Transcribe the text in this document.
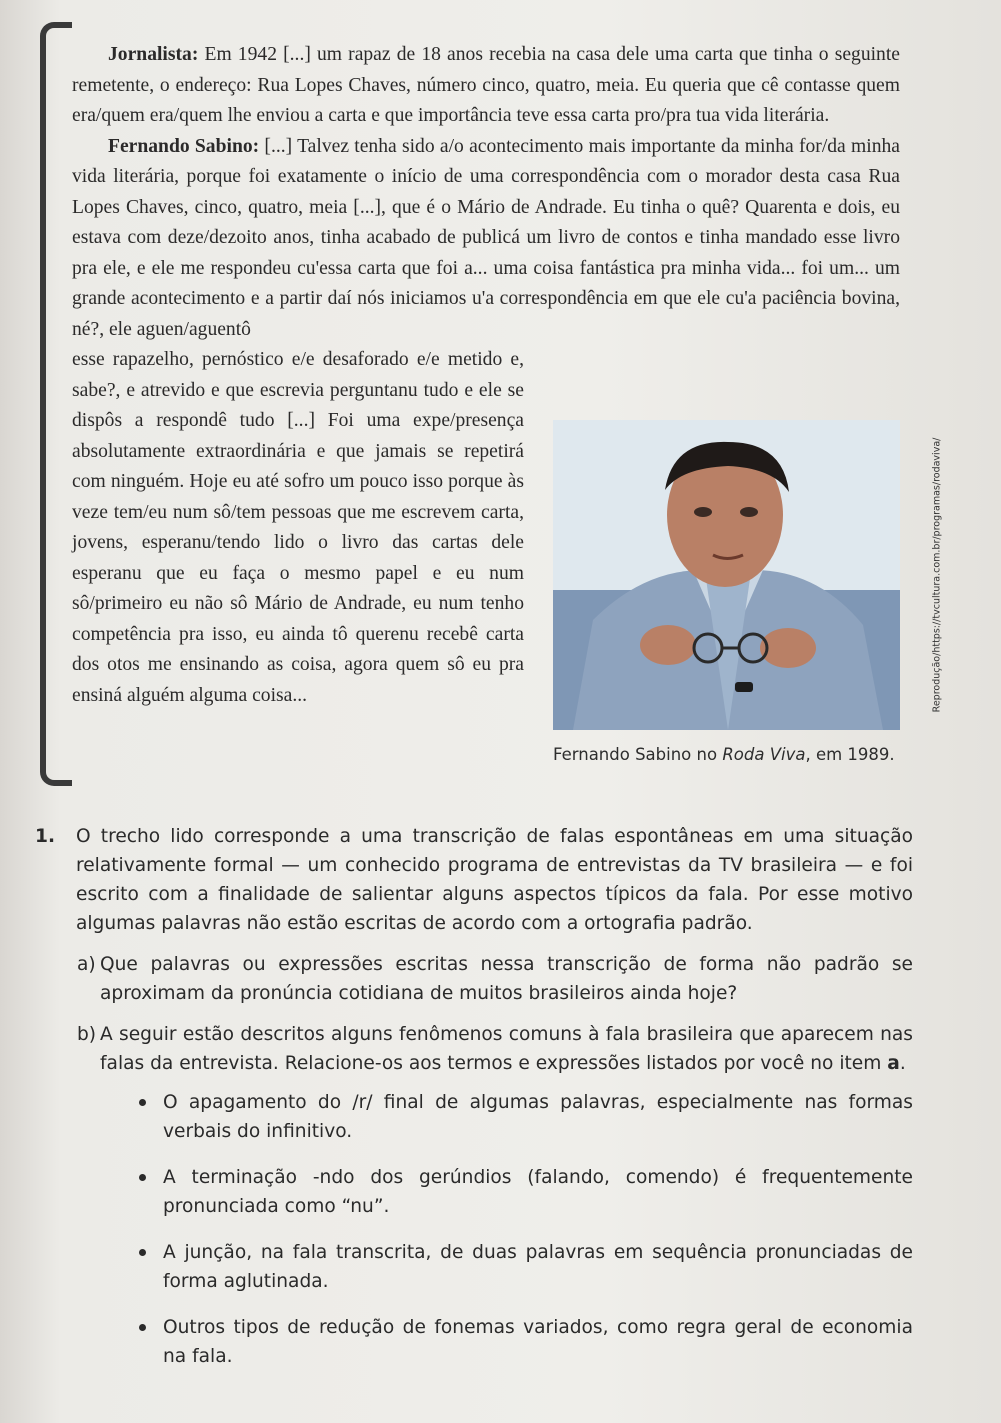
Jornalista: Em 1942 [...] um rapaz de 18 anos recebia na casa dele uma carta que tinha o seguinte remetente, o endereço: Rua Lopes Chaves, número cinco, quatro, meia. Eu queria que cê contasse quem era/quem era/quem lhe enviou a carta e que importância teve essa carta pro/pra tua vida literária.

Fernando Sabino: [...] Talvez tenha sido a/o acontecimento mais importante da minha for/da minha vida literária, porque foi exatamente o início de uma correspondência com o morador desta casa Rua Lopes Chaves, cinco, quatro, meia [...], que é o Mário de Andrade. Eu tinha o quê? Quarenta e dois, eu estava com deze/dezoito anos, tinha acabado de publicá um livro de contos e tinha mandado esse livro pra ele, e ele me respondeu cu'essa carta que foi a... uma coisa fantástica pra minha vida... foi um... um grande acontecimento e a partir daí nós iniciamos u'a correspondência em que ele cu'a paciência bovina, né?, ele aguen/aguentô

esse rapazelho, pernóstico e/e desaforado e/e metido e, sabe?, e atrevido e que escrevia perguntanu tudo e ele se dispôs a respondê tudo [...] Foi uma expe/presença absolutamente extraordinária e que jamais se repetirá com ninguém. Hoje eu até sofro um pouco isso porque às veze tem/eu num sô/tem pessoas que me escrevem carta, jovens, esperanu/tendo lido o livro das cartas dele esperanu que eu faça o mesmo papel e eu num sô/primeiro eu não sô Mário de Andrade, eu num tenho competência pra isso, eu ainda tô querenu recebê carta dos otos me ensinando as coisa, agora quem sô eu pra ensiná alguém alguma coisa...	Reprodução/https://tvcultura.com.br/programas/rodaviva/
Fernando Sabino no Roda Viva, em 1989.
1. O trecho lido corresponde a uma transcrição de falas espontâneas em uma situação relativamente formal — um conhecido programa de entrevistas da TV brasileira — e foi escrito com a finalidade de salientar alguns aspectos típicos da fala. Por esse motivo algumas palavras não estão escritas de acordo com a ortografia padrão.
a) Que palavras ou expressões escritas nessa transcrição de forma não padrão se aproximam da pronúncia cotidiana de muitos brasileiros ainda hoje?
b) A seguir estão descritos alguns fenômenos comuns à fala brasileira que aparecem nas falas da entrevista. Relacione-os aos termos e expressões listados por você no item a.
O apagamento do /r/ final de algumas palavras, especialmente nas formas verbais do infinitivo.
A terminação -ndo dos gerúndios (falando, comendo) é frequentemente pronunciada como “nu”.
A junção, na fala transcrita, de duas palavras em sequência pronunciadas de forma aglutinada.
Outros tipos de redução de fonemas variados, como regra geral de economia na fala.
